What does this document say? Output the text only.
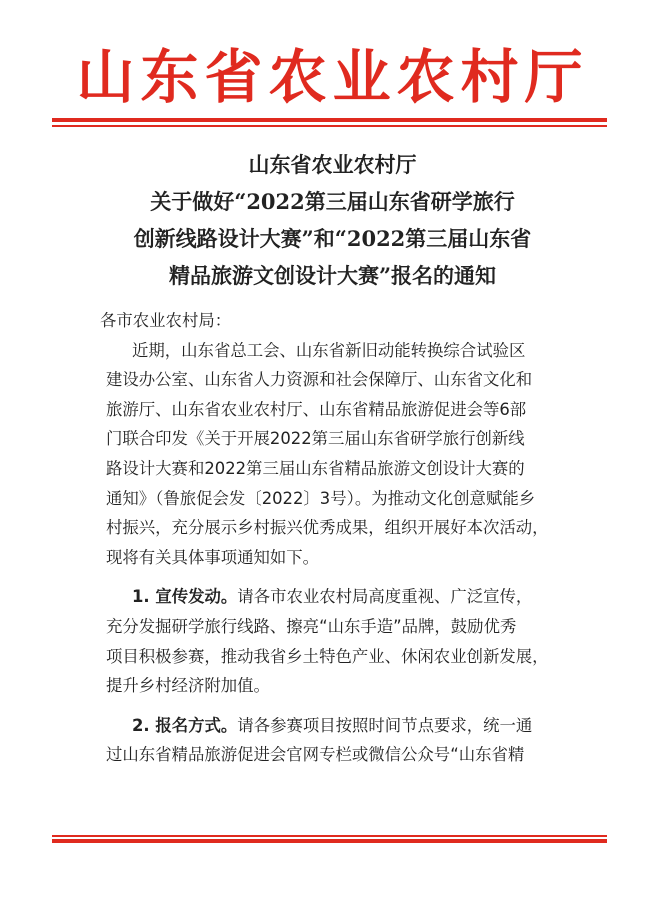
山东省农业农村厅
山东省农业农村厅
关于做好“2022第三届山东省研学旅行
创新线路设计大赛”和“2022第三届山东省
精品旅游文创设计大赛”报名的通知
各市农业农村局：
近期，山东省总工会、山东省新旧动能转换综合试验区
建设办公室、山东省人力资源和社会保障厅、山东省文化和
旅游厅、山东省农业农村厅、山东省精品旅游促进会等6部
门联合印发《关于开展2022第三届山东省研学旅行创新线
路设计大赛和2022第三届山东省精品旅游文创设计大赛的
通知》（鲁旅促会发〔2022〕3号）。为推动文化创意赋能乡
村振兴，充分展示乡村振兴优秀成果，组织开展好本次活动，
现将有关具体事项通知如下。
1. 宣传发动。请各市农业农村局高度重视、广泛宣传，
充分发掘研学旅行线路、擦亮“山东手造”品牌，鼓励优秀
项目积极参赛，推动我省乡土特色产业、休闲农业创新发展，
提升乡村经济附加值。
2. 报名方式。请各参赛项目按照时间节点要求，统一通
过山东省精品旅游促进会官网专栏或微信公众号“山东省精
